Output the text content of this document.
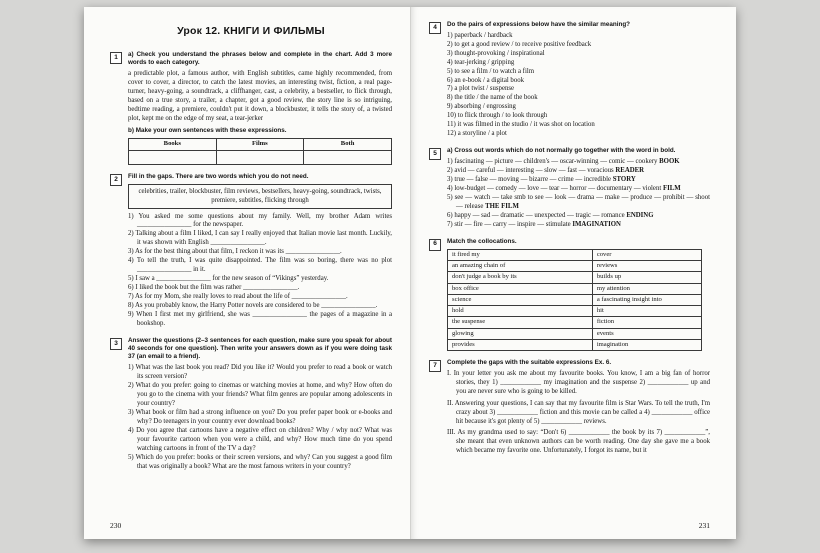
Урок 12. КНИГИ И ФИЛЬМЫ
1	a) Check you understand the phrases below and complete in the chart. Add 3 more words to each category.
a predictable plot, a famous author, with English subtitles, came highly recommended, from cover to cover, a director, to catch the latest movies, an interesting twist, fiction, a real page-turner, heavy-going, a soundtrack, a cliffhanger, cast, a celebrity, a bestseller, to flick through, based on a true story, a trailer, a chapter, got a good review, the story line is so intriguing, bedtime reading, a premiere, couldn't put it down, a blockbuster, it tells the story of, a twisted plot, kept me on the edge of my seat, a tear-jerker
b) Make your own sentences with these expressions.
Books	Films	Both

2	Fill in the gaps. There are two words which you do not need.
celebrities, trailer, blockbuster, film reviews, bestsellers, heavy-going, soundtrack, twists, premiere, subtitles, flicking through
1) You asked me some questions about my family. Well, my brother Adam writes ________________ for the newspaper.
2) Talking about a film I liked, I can say I really enjoyed that Italian movie last month. Luckily, it was shown with English ________________.
3) As for the best thing about that film, I reckon it was its ________________.
4) To tell the truth, I was quite disappointed. The film was so boring, there was no plot ________________ in it.
5) I saw a ________________ for the new season of “Vikings” yesterday.
6) I liked the book but the film was rather ________________.
7) As for my Mom, she really loves to read about the life of ________________.
8) As you probably know, the Harry Potter novels are considered to be ________________.
9) When I first met my girlfriend, she was ________________ the pages of a magazine in a bookshop.
3	Answer the questions (2–3 sentences for each question, make sure you speak for about 40 seconds for one question). Then write your answers down as if you were doing task 37 (an email to a friend).
1) What was the last book you read? Did you like it? Would you prefer to read a book or watch its screen version?
2) What do you prefer: going to cinemas or watching movies at home, and why? How often do you go to the cinema with your friends? What film genres are popular among adolescents in your country?
3) What book or film had a strong influence on you? Do you prefer paper book or e-books and why? Do teenagers in your country ever download books?
4) Do you agree that cartoons have a negative effect on children? Why / why not? What was your favourite cartoon when you were a child, and why? How much time do you spend watching cartoons in front of the TV a day?
5) Which do you prefer: books or their screen versions, and why? Can you suggest a good film that was originally a book? What are the most famous writers in your country?
230
4	Do the pairs of expressions below have the similar meaning?
1) paperback / hardback
2) to get a good review / to receive positive feedback
3) thought-provoking / inspirational
4) tear-jerking / gripping
5) to see a film / to watch a film
6) an e-book / a digital book
7) a plot twist / suspense
8) the title / the name of the book
9) absorbing / engrossing
10) to flick through / to look through
11) it was filmed in the studio / it was shot on location
12) a storyline / a plot
5	a) Cross out words which do not normally go together with the word in bold.
1) fascinating — picture — children's — oscar-winning — comic — cookery BOOK
2) avid — careful — interesting — slow — fast — voracious READER
3) true — false — moving — bizarre — crime — incredible STORY
4) low-budget — comedy — love — tear — horror — documentary — violent FILM
5) see — watch — take smb to see — look — drama — make — produce — prohibit — shoot — release THE FILM
6) happy — sad — dramatic — unexpected — tragic — romance ENDING
7) stir — fire — carry — inspire — stimulate IMAGINATION
6	Match the collocations.
it fired my	cover
an amazing chain of	reviews
don't judge a book by its	builds up
box office	my attention
science	a fascinating insight into
hold	hit
the suspense	fiction
glowing	events
provides	imagination
7	Complete the gaps with the suitable expressions Ex. 6.
I. In your letter you ask me about my favourite books. You know, I am a big fan of horror stories, they 1) ____________ my imagination and the suspense 2) ____________ up and you are never sure who is going to be killed.
II. Answering your questions, I can say that my favourite film is Star Wars. To tell the truth, I'm crazy about 3) ____________ fiction and this movie can be called a 4) ____________ office hit because it's got plenty of 5) ____________ reviews.
III. As my grandma used to say: “Don't 6) ____________ the book by its 7) ____________”, she meant that even unknown authors can be worth reading. One day she gave me a book which became my favorite one. Unfortunately, I forgot its name, but it
231
